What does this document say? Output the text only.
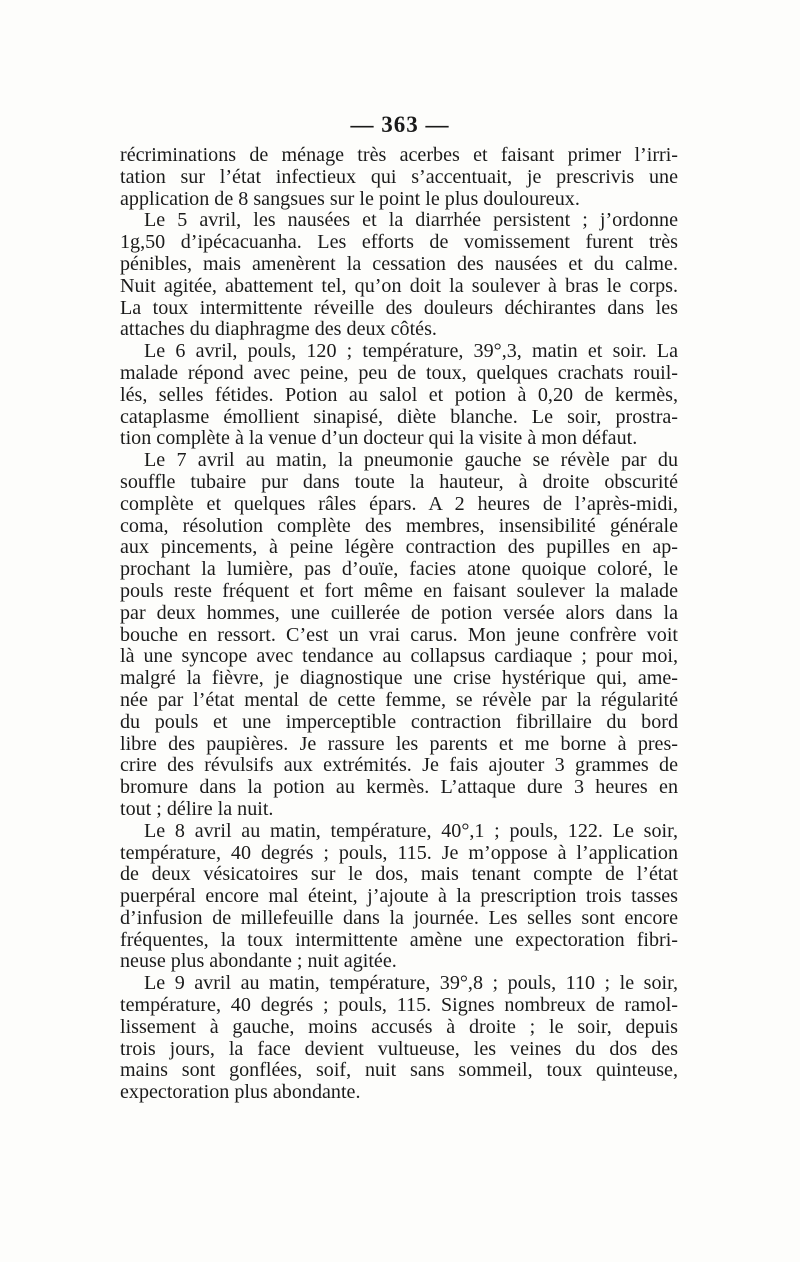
— 363 —
récriminations de ménage très acerbes et faisant primer l’irri-
tation sur l’état infectieux qui s’accentuait, je prescrivis une
application de 8 sangsues sur le point le plus douloureux.
Le 5 avril, les nausées et la diarrhée persistent ; j’ordonne
1g,50 d’ipécacuanha. Les efforts de vomissement furent très
pénibles, mais amenèrent la cessation des nausées et du calme.
Nuit agitée, abattement tel, qu’on doit la soulever à bras le corps.
La toux intermittente réveille des douleurs déchirantes dans les
attaches du diaphragme des deux côtés.
Le 6 avril, pouls, 120 ; température, 39°,3, matin et soir. La
malade répond avec peine, peu de toux, quelques crachats rouil-
lés, selles fétides. Potion au salol et potion à 0,20 de kermès,
cataplasme émollient sinapisé, diète blanche. Le soir, prostra-
tion complète à la venue d’un docteur qui la visite à mon défaut.
Le 7 avril au matin, la pneumonie gauche se révèle par du
souffle tubaire pur dans toute la hauteur, à droite obscurité
complète et quelques râles épars. A 2 heures de l’après-midi,
coma, résolution complète des membres, insensibilité générale
aux pincements, à peine légère contraction des pupilles en ap-
prochant la lumière, pas d’ouïe, facies atone quoique coloré, le
pouls reste fréquent et fort même en faisant soulever la malade
par deux hommes, une cuillerée de potion versée alors dans la
bouche en ressort. C’est un vrai carus. Mon jeune confrère voit
là une syncope avec tendance au collapsus cardiaque ; pour moi,
malgré la fièvre, je diagnostique une crise hystérique qui, ame-
née par l’état mental de cette femme, se révèle par la régularité
du pouls et une imperceptible contraction fibrillaire du bord
libre des paupières. Je rassure les parents et me borne à pres-
crire des révulsifs aux extrémités. Je fais ajouter 3 grammes de
bromure dans la potion au kermès. L’attaque dure 3 heures en
tout ; délire la nuit.
Le 8 avril au matin, température, 40°,1 ; pouls, 122. Le soir,
température, 40 degrés ; pouls, 115. Je m’oppose à l’application
de deux vésicatoires sur le dos, mais tenant compte de l’état
puerpéral encore mal éteint, j’ajoute à la prescription trois tasses
d’infusion de millefeuille dans la journée. Les selles sont encore
fréquentes, la toux intermittente amène une expectoration fibri-
neuse plus abondante ; nuit agitée.
Le 9 avril au matin, température, 39°,8 ; pouls, 110 ; le soir,
température, 40 degrés ; pouls, 115. Signes nombreux de ramol-
lissement à gauche, moins accusés à droite ; le soir, depuis
trois jours, la face devient vultueuse, les veines du dos des
mains sont gonflées, soif, nuit sans sommeil, toux quinteuse,
expectoration plus abondante.
